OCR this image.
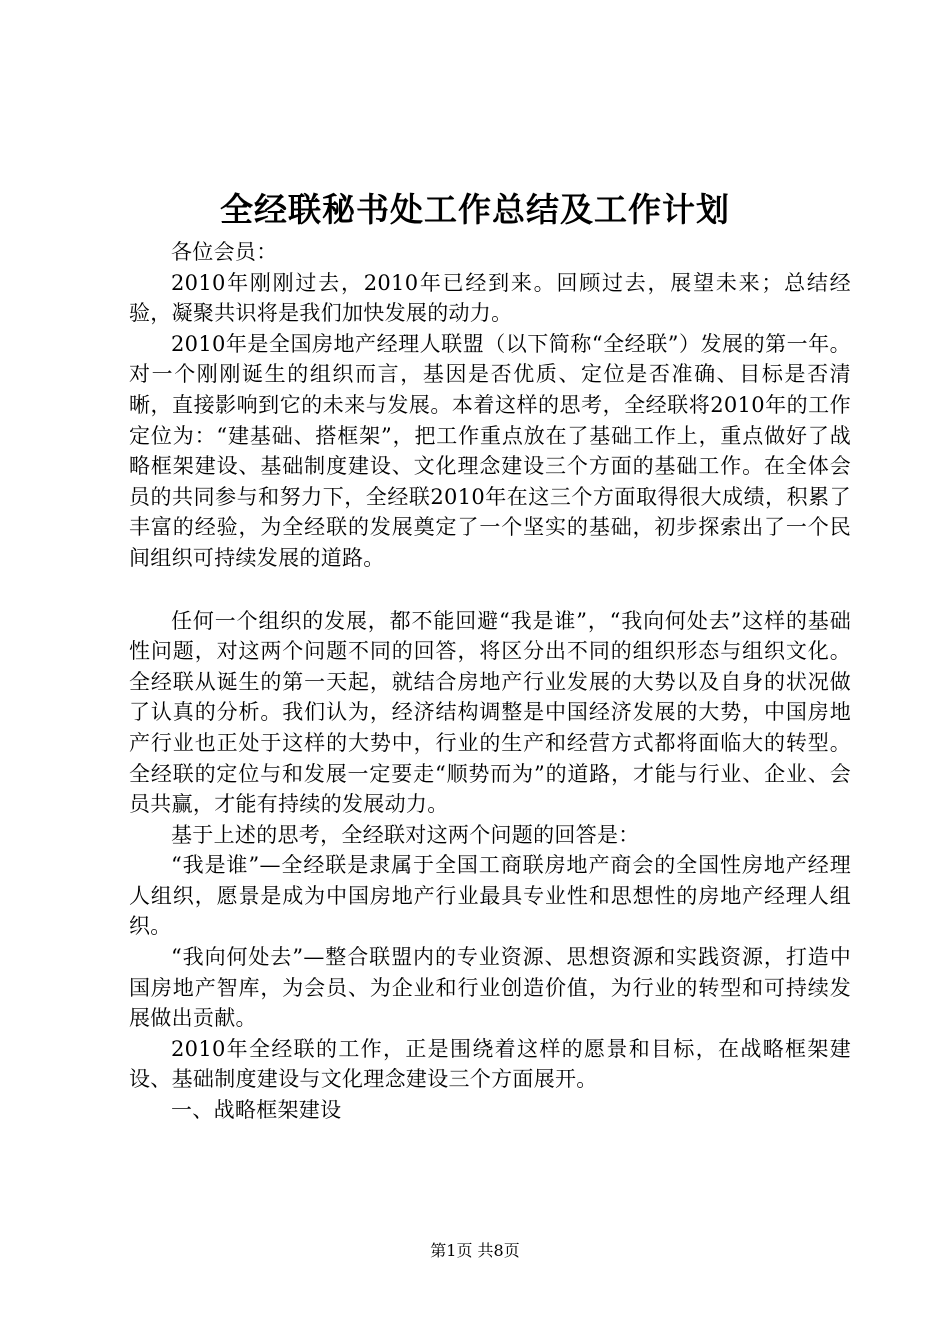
全经联秘书处工作总结及工作计划

各位会员：

2010年刚刚过去，2010年已经到来。回顾过去，展望未来；总结经验，凝聚共识将是我们加快发展的动力。

2010年是全国房地产经理人联盟（以下简称“全经联”）发展的第一年。对一个刚刚诞生的组织而言，基因是否优质、定位是否准确、目标是否清晰，直接影响到它的未来与发展。本着这样的思考，全经联将2010年的工作定位为：“建基础、搭框架”，把工作重点放在了基础工作上，重点做好了战略框架建设、基础制度建设、文化理念建设三个方面的基础工作。在全体会员的共同参与和努力下，全经联2010年在这三个方面取得很大成绩，积累了丰富的经验，为全经联的发展奠定了一个坚实的基础，初步探索出了一个民间组织可持续发展的道路。

任何一个组织的发展，都不能回避“我是谁”，“我向何处去”这样的基础性问题，对这两个问题不同的回答，将区分出不同的组织形态与组织文化。全经联从诞生的第一天起，就结合房地产行业发展的大势以及自身的状况做了认真的分析。我们认为，经济结构调整是中国经济发展的大势，中国房地产行业也正处于这样的大势中，行业的生产和经营方式都将面临大的转型。全经联的定位与和发展一定要走“顺势而为”的道路，才能与行业、企业、会员共赢，才能有持续的发展动力。

基于上述的思考，全经联对这两个问题的回答是：

“我是谁”—全经联是隶属于全国工商联房地产商会的全国性房地产经理人组织，愿景是成为中国房地产行业最具专业性和思想性的房地产经理人组织。

“我向何处去”—整合联盟内的专业资源、思想资源和实践资源，打造中国房地产智库，为会员、为企业和行业创造价值，为行业的转型和可持续发展做出贡献。

2010年全经联的工作，正是围绕着这样的愿景和目标，在战略框架建设、基础制度建设与文化理念建设三个方面展开。

一、战略框架建设

第1页 共8页
